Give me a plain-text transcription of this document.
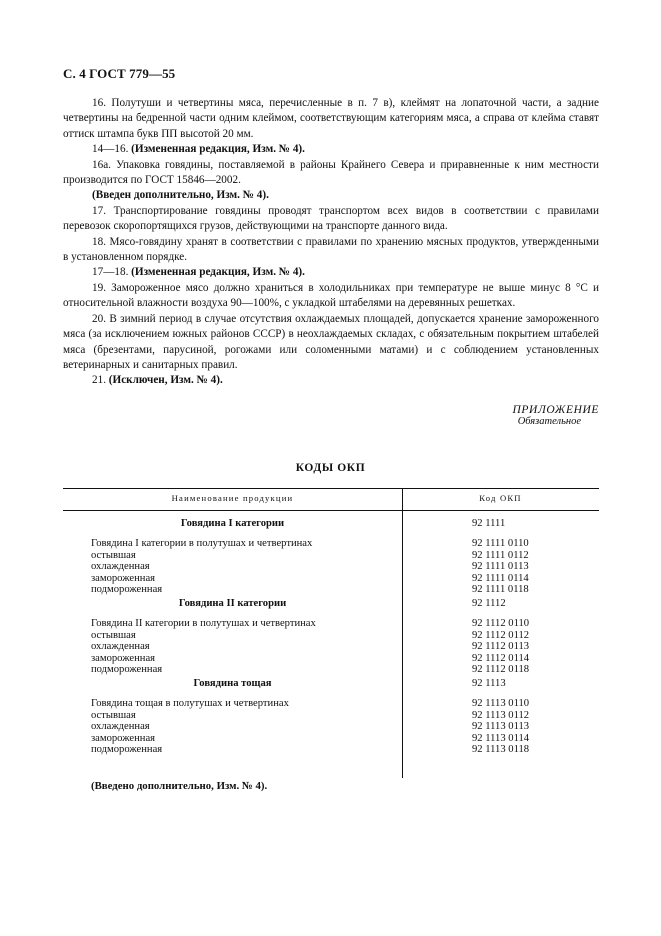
С. 4 ГОСТ 779—55

16. Полутуши и четвертины мяса, перечисленные в п. 7 в), клеймят на лопаточной части, а задние четвертины на бедренной части одним клеймом, соответствующим категориям мяса, а справа от клейма ставят оттиск штампа букв ПП высотой 20 мм.

14—16. (Измененная редакция, Изм. № 4).

16а. Упаковка говядины, поставляемой в районы Крайнего Севера и приравненные к ним местности производится по ГОСТ 15846—2002.

(Введен дополнительно, Изм. № 4).

17. Транспортирование говядины проводят транспортом всех видов в соответствии с правилами перевозок скоропортящихся грузов, действующими на транспорте данного вида.

18. Мясо-говядину хранят в соответствии с правилами по хранению мясных продуктов, утвержденными в установленном порядке.

17—18. (Измененная редакция, Изм. № 4).

19. Замороженное мясо должно храниться в холодильниках при температуре не выше минус 8 °С и относительной влажности воздуха 90—100%, с укладкой штабелями на деревянных решетках.

20. В зимний период в случае отсутствия охлаждаемых площадей, допускается хранение замороженного мяса (за исключением южных районов СССР) в неохлаждаемых складах, с обязательным покрытием штабелей мяса (брезентами, парусиной, рогожами или соломенными матами) и с соблюдением установленных ветеринарных и санитарных правил.

21. (Исключен, Изм. № 4).

ПРИЛОЖЕНИЕ
Обязательное
КОДЫ ОКП
Наименование продукции	Код ОКП
Говядина I категории	92 1111
Говядина I категории в полутушах и четвертинах	92 1111 0110
остывшая	92 1111 0112
охлажденная	92 1111 0113
замороженная	92 1111 0114
подмороженная	92 1111 0118
Говядина II категории	92 1112
Говядина II категории в полутушах и четвертинах	92 1112 0110
остывшая	92 1112 0112
охлажденная	92 1112 0113
замороженная	92 1112 0114
подмороженная	92 1112 0118
Говядина тощая	92 1113
Говядина тощая в полутушах и четвертинах	92 1113 0110
остывшая	92 1113 0112
охлажденная	92 1113 0113
замороженная	92 1113 0114
подмороженная	92 1113 0118
(Введено дополнительно, Изм. № 4).
